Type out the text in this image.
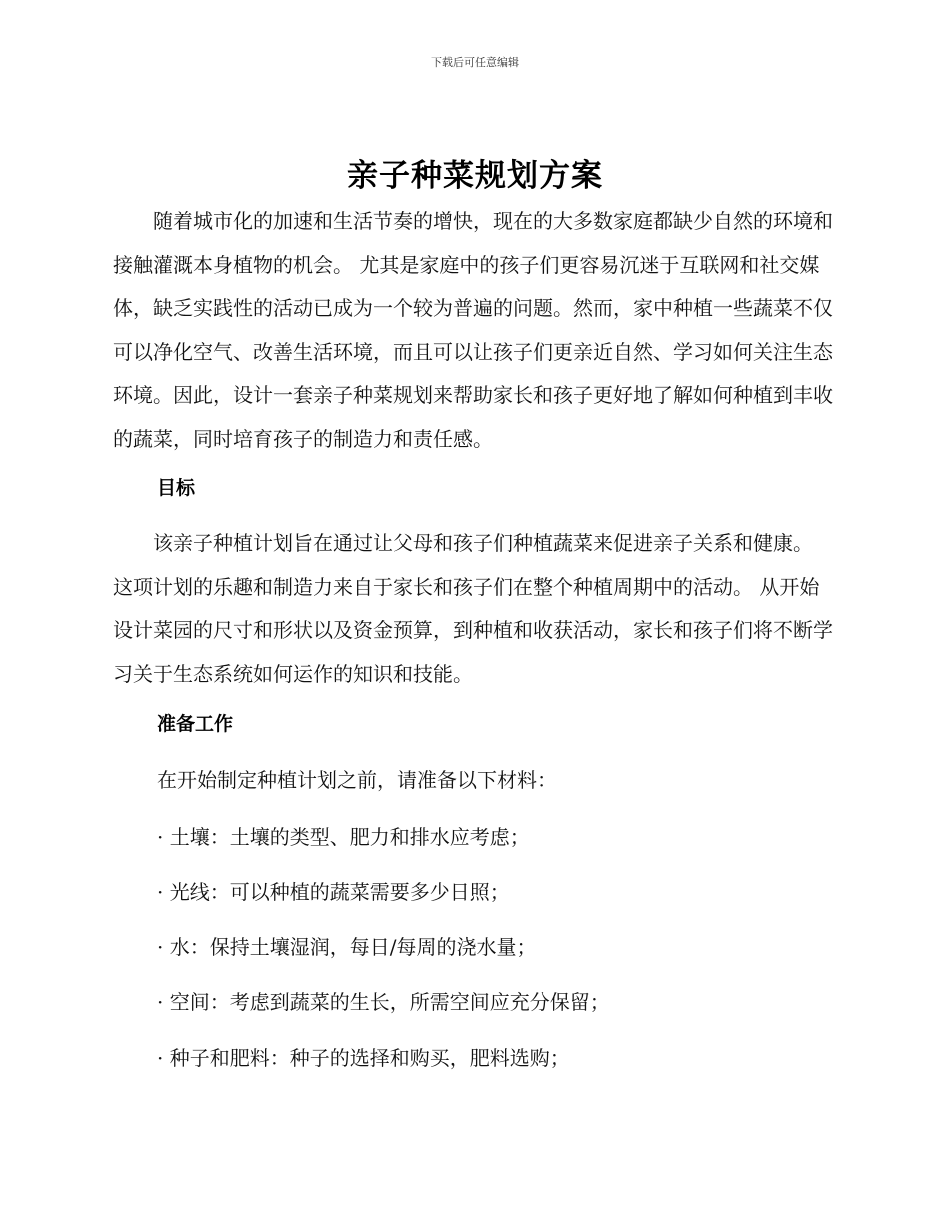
下载后可任意编辑
亲子种菜规划方案

随着城市化的加速和生活节奏的增快，现在的大多数家庭都缺少自然的环境和接触灌溉本身植物的机会。 尤其是家庭中的孩子们更容易沉迷于互联网和社交媒体，缺乏实践性的活动已成为一个较为普遍的问题。然而，家中种植一些蔬菜不仅可以净化空气、改善生活环境，而且可以让孩子们更亲近自然、学习如何关注生态环境。因此，设计一套亲子种菜规划来帮助家长和孩子更好地了解如何种植到丰收的蔬菜，同时培育孩子的制造力和责任感。

目标

该亲子种植计划旨在通过让父母和孩子们种植蔬菜来促进亲子关系和健康。 这项计划的乐趣和制造力来自于家长和孩子们在整个种植周期中的活动。 从开始设计菜园的尺寸和形状以及资金预算，到种植和收获活动，家长和孩子们将不断学习关于生态系统如何运作的知识和技能。

准备工作

在开始制定种植计划之前，请准备以下材料：

· 土壤：土壤的类型、肥力和排水应考虑；

· 光线：可以种植的蔬菜需要多少日照；

· 水：保持土壤湿润，每日/每周的浇水量；

· 空间：考虑到蔬菜的生长，所需空间应充分保留；

· 种子和肥料：种子的选择和购买，肥料选购；
